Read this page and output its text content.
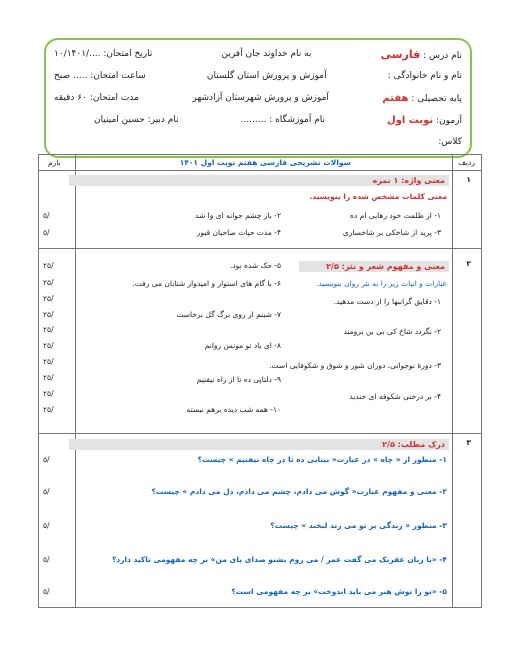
نام درس : فارسی
به نام خداوند جان آفرین
تاریخ امتحان: ..../۱۰/۱۴۰۱
نام و نام خانوادگی :
آموزش و پرورش استان گلستان
ساعت امتحان: ..... صبح
پایه تحصیلی : هفتم
آموزش و پرورش شهرستان آزادشهر
مدت امتحان: ۶۰ دقیقه
آزمون: نوبت اول
نام آموزشگاه : .........
نام دبیر: حسین امینیان
کلاس:
ردیف
سوالات تشریحی فارسی هفتم نوبت اول ۱۴۰۱
بارم
۱
معنی واژه: ۱ نمره
معنی کلمات مشخص شده را بنویسید.
۱- از ظلمت خود رهایی ام ده
۲- باز چشم جوانه ای وا شد
۳- پرید از شاخکی بر شاخساری
۴- مدت حیات صاحبان قبور
/۵
/۵
۲
معنی و مفهوم شعر و نثر: ۲/۵
عبارات و ابیات زیر را به نثر روان بنویسید.
۱- دقایق گرانبها را از دست مدهید.
۲- نگردد شاخ کی بی بن برومند
۳- دورۀ نوجوانی، دوران شور و شوق و شکوفایی است.
۴- بر درختی شکوفه ای خندید
۵- حک شده بود.
۶- با گام های استوار و امیدوار شتابان می رفت.
۷- شبنم از روی برگ گل برخاست
۸- ای یاد تو مونس روانم
۹- دلتاپی ده تا از راه نیفتیم
۱۰- همه شب دیده برهم نبسته
/۲۵
/۲۵
/۲۵
/۲۵
/۲۵
/۲۵
/۲۵
/۲۵
/۲۵
/۲۵
۳
درک مطلب: ۲/۵
۱- منظور از « چاه » در عبارت« بینایی ده تا در چاه نیفتیم » چیست؟
۲- معنی و مفهوم عبارت« گوش می دادم، چشم می دادم، دل می دادم » چیست؟
۳- منظور « زندگی بر تو می زند لبخند » چیست؟
۴- «با زبان عقربک می گفت عمر / می روم بشنو صدای پای من» بر چه مفهومی تاکید دارد؟
۵- «تو را توش هنر می باید اندوخت» بر چه مفهومی است؟
/۵
/۵
/۵
/۵
/۵
